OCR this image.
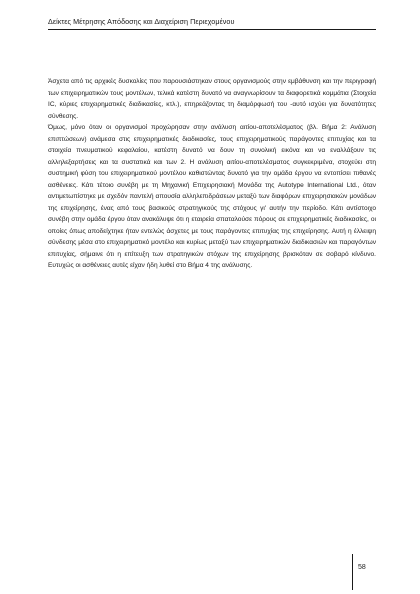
Δείκτες Μέτρησης Απόδοσης και Διαχείριση Περιεχομένου

Άσχετα από τις αρχικές δυσκολίες που παρουσιάστηκαν στους οργανισμούς στην εμβάθυνση και την περιγραφή των επιχειρηματικών τους μοντέλων, τελικά κατέστη δυνατό να αναγνωρίσουν τα διαφορετικά κομμάτια (Στοιχεία IC, κύριες επιχειρηματικές διαδικασίες, κτλ.), επηρεάζοντας τη διαμόρφωσή του -αυτό ισχύει για δυνατότητες σύνθεσης.

Όμως, μόνο όταν οι οργανισμοί προχώρησαν στην ανάλυση αιτίου-αποτελέσματος (βλ. Βήμα 2: Ανάλυση επιπτώσεων) ανάμεσα στις επιχειρηματικές διαδικασίες, τους επιχειρηματικούς παράγοντες επιτυχίας και τα στοιχεία πνευματικού κεφαλαίου, κατέστη δυνατό να δουν τη συνολική εικόνα και να εναλλάξουν τις αλληλεξαρτήσεις και τα συστατικά και των 2. Η ανάλυση αιτίου-αποτελέσματος συγκεκριμένα, στοχεύει στη συστημική φύση του επιχειρηματικού μοντέλου καθιστώντας δυνατό για την ομάδα έργου να εντοπίσει πιθανές ασθένειες. Κάτι τέτοιο συνέβη με τη Μηχανική Επιχειρησιακή Μονάδα της Autotype International Ltd., όταν αντιμετωπίστηκε με σχεδόν παντελή απουσία αλληλεπιδράσεων μεταξύ των διαφόρων επιχειρησιακών μονάδων της επιχείρησης, ένας από τους βασικούς στρατηγικούς της στόχους γι' αυτήν την περίοδο. Κάτι αντίστοιχο συνέβη στην ομάδα έργου όταν ανακάλυψε ότι η εταιρεία σπαταλούσε πόρους σε επιχειρηματικές διαδικασίες, οι οποίες όπως αποδείχτηκε ήταν εντελώς άσχετες με τους παράγοντες επιτυχίας της επιχείρησης. Αυτή η έλλειψη σύνδεσης μέσα στο επιχειρηματικό μοντέλο και κυρίως μεταξύ των επιχειρηματικών διαδικασιών και παραγόντων επιτυχίας, σήμαινε ότι η επίτευξη των στρατηγικών στόχων της επιχείρησης βρισκόταν σε σοβαρό κίνδυνο. Ευτυχώς οι ασθένειες αυτές είχαν ήδη λυθεί στο Βήμα 4 της ανάλυσης.

58
